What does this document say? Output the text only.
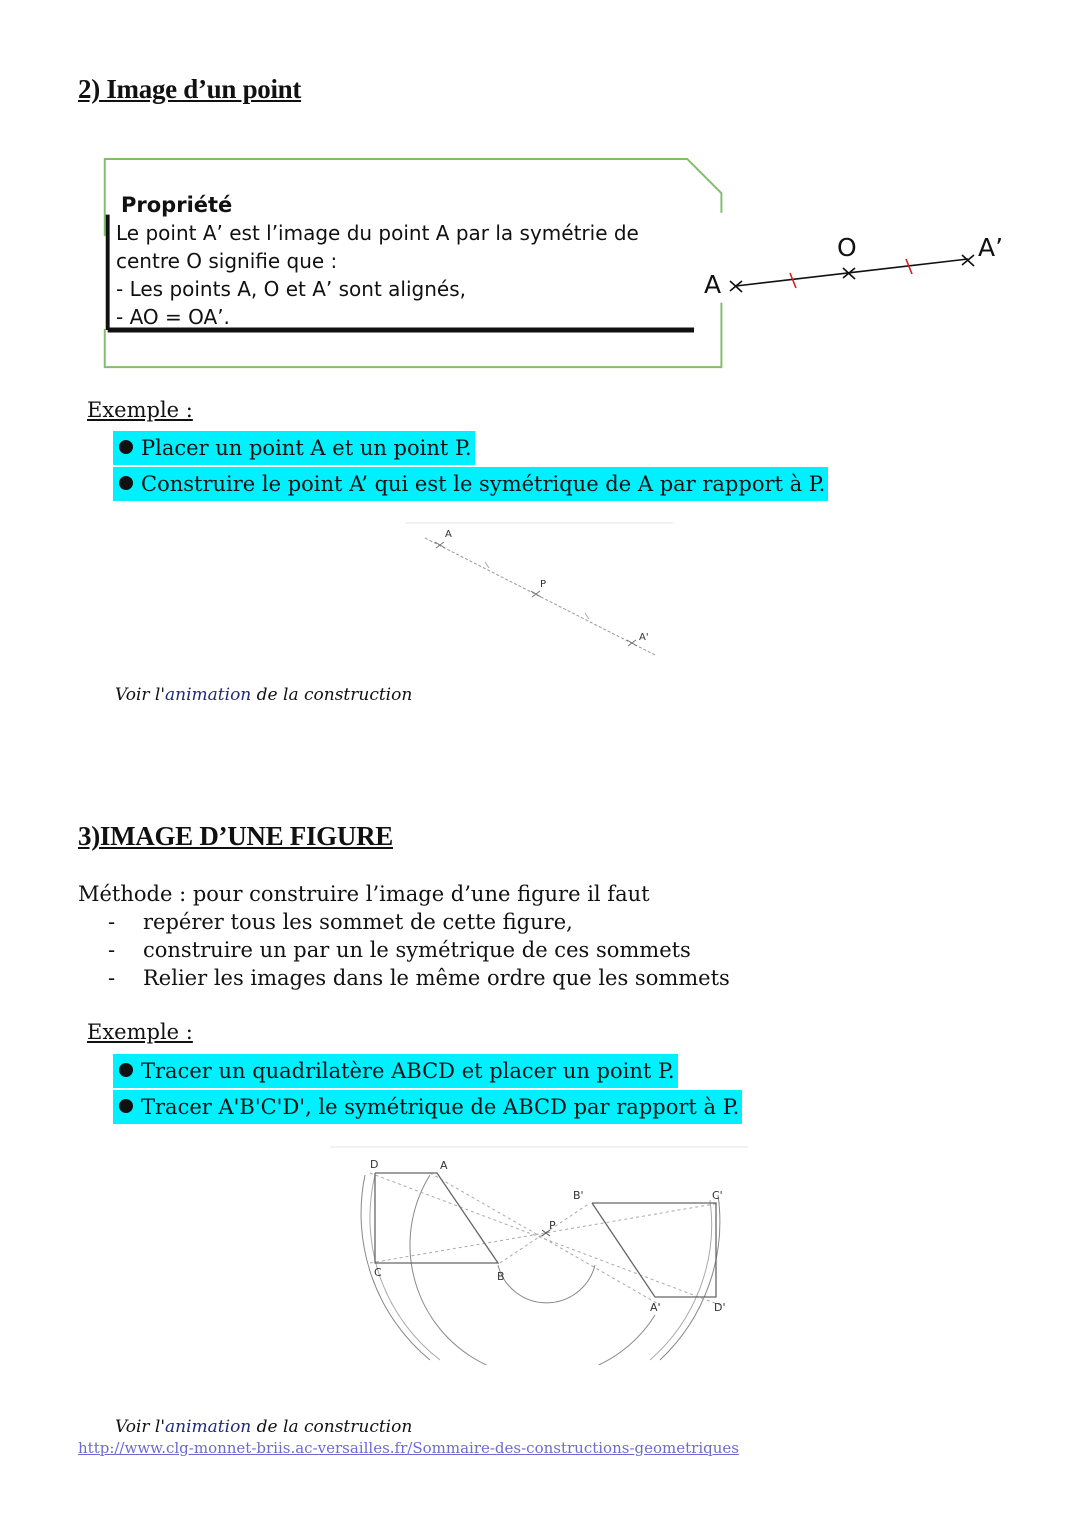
2) Image d’un point
Propriété
Le point A’ est l’image du point A par la symétrie de
centre O signifie que :
- Les points A, O et A’ sont alignés,
- AO = OA’.
A
O	A’
Exemple :
Placer un point A et un point P.
Construire le point A’ qui est le symétrique de A par rapport à P.
A
P
A'
Voir l'animation de la construction
3)IMAGE D’UNE FIGURE
Méthode : pour construire l’image d’une figure il faut
- repérer tous les sommet de cette figure,
- construire un par un le symétrique de ces sommets
- Relier les images dans le même ordre que les sommets
Exemple :
Tracer un quadrilatère ABCD et placer un point P.
Tracer A'B'C'D', le symétrique de ABCD par rapport à P.
D	A
C	B
P
B'	C'
A'	D'
Voir l'animation de la construction
http://www.clg-monnet-briis.ac-versailles.fr/Sommaire-des-constructions-geometriques
